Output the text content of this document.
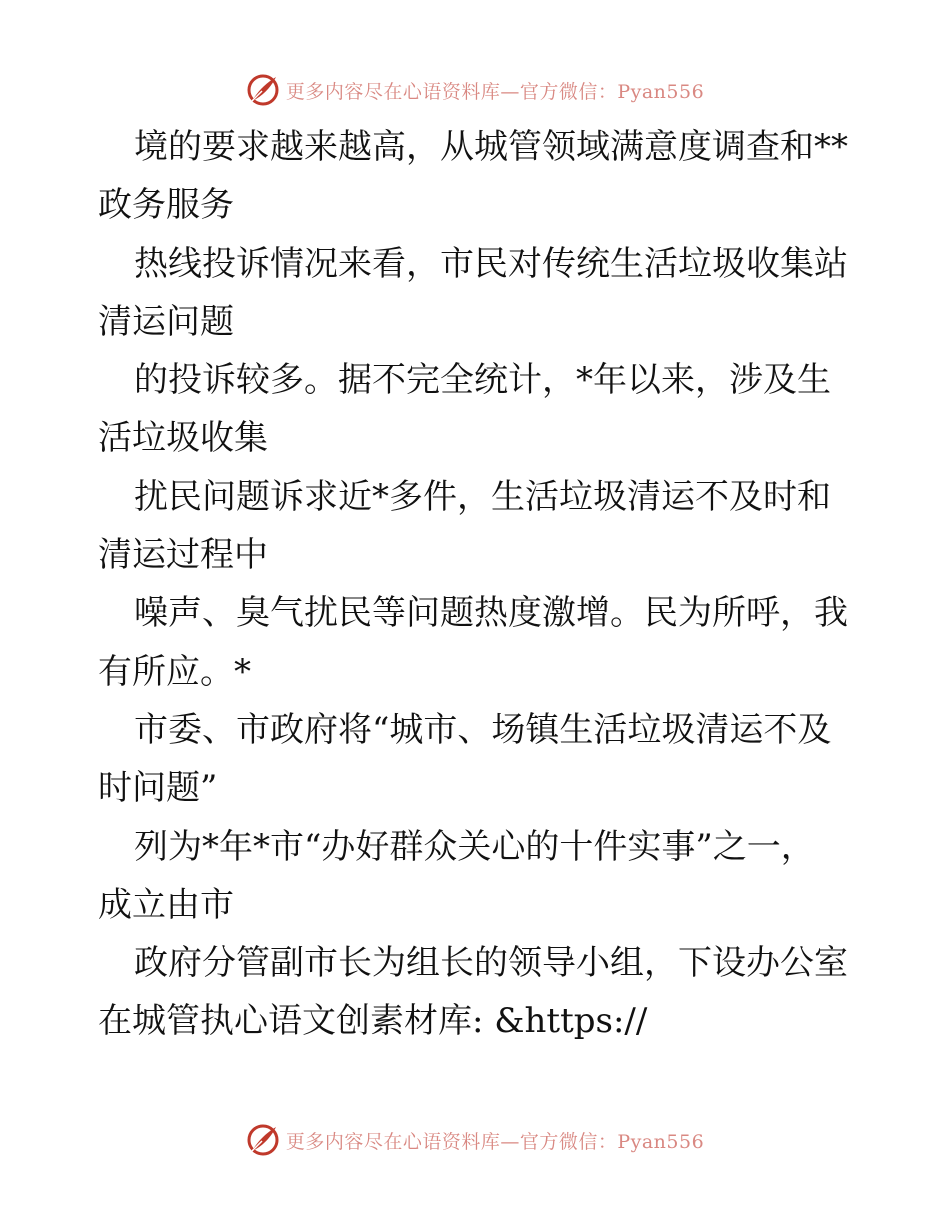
更多内容尽在心语资料库—官方微信：Pyan556
境的要求越来越高，从城管领域满意度调查和**
政务服务
热线投诉情况来看，市民对传统生活垃圾收集站
清运问题
的投诉较多。据不完全统计，*年以来，涉及生
活垃圾收集
扰民问题诉求近*多件，生活垃圾清运不及时和
清运过程中
噪声、臭气扰民等问题热度激增。民为所呼，我
有所应。*
市委、市政府将“城市、场镇生活垃圾清运不及
时问题”
列为*年*市“办好群众关心的十件实事”之一，
成立由市
政府分管副市长为组长的领导小组，下设办公室
在城管执心语文创素材库: &https://
更多内容尽在心语资料库—官方微信：Pyan556
